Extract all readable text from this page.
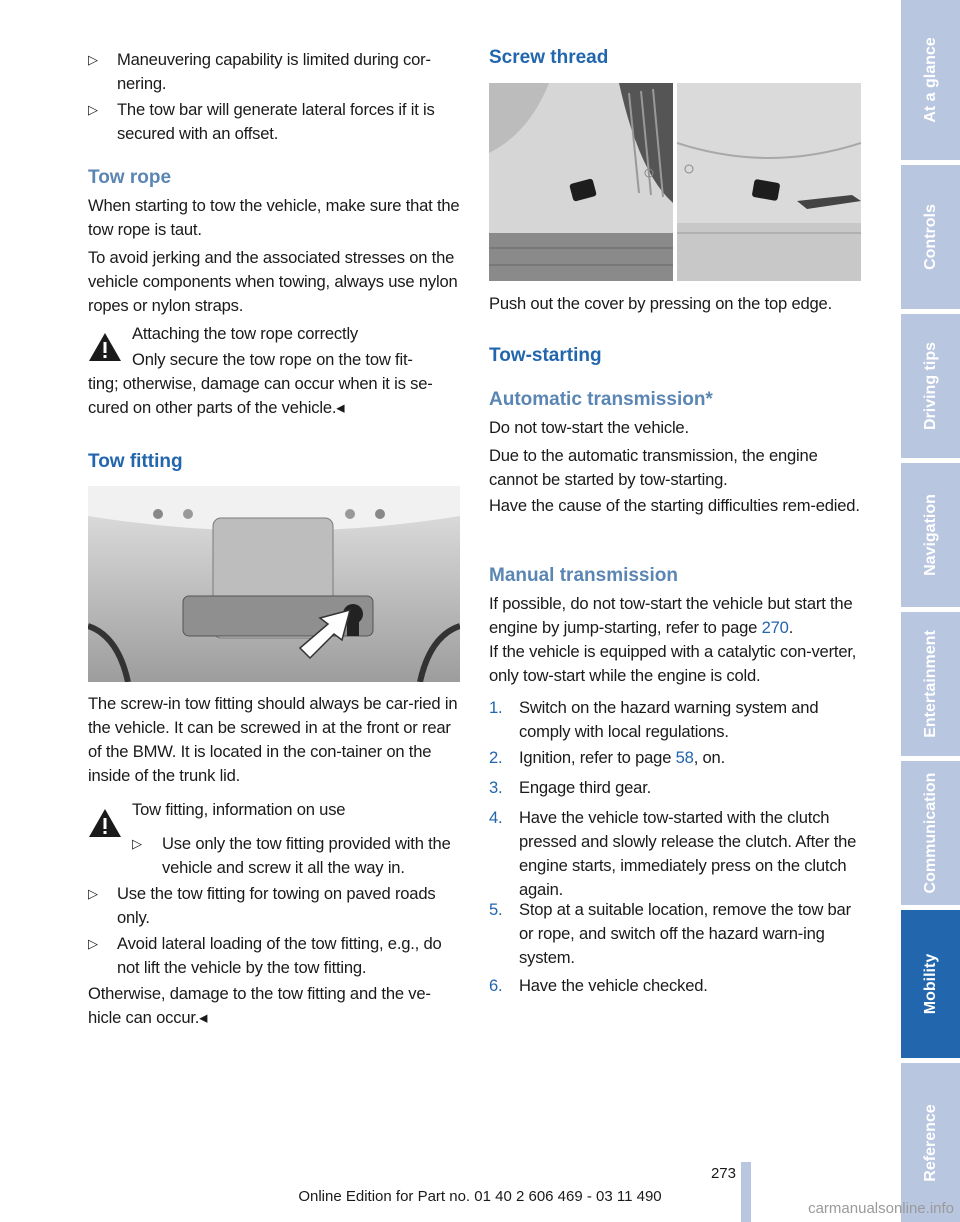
▷	Maneuvering capability is limited during cor-nering.
▷	The tow bar will generate lateral forces if it is secured with an offset.
Tow rope
When starting to tow the vehicle, make sure that the tow rope is taut.
To avoid jerking and the associated stresses on the vehicle components when towing, always use nylon ropes or nylon straps.
Attaching the tow rope correctly
Only secure the tow rope on the tow fit-
ting; otherwise, damage can occur when it is se-cured on other parts of the vehicle.◂
Tow fitting
The screw-in tow fitting should always be car-ried in the vehicle. It can be screwed in at the front or rear of the BMW. It is located in the con-tainer on the inside of the trunk lid.
Tow fitting, information on use
▷	Use only the tow fitting provided with the vehicle and screw it all the way in.
▷	Use the tow fitting for towing on paved roads only.
▷	Avoid lateral loading of the tow fitting, e.g., do not lift the vehicle by the tow fitting.
Otherwise, damage to the tow fitting and the ve-hicle can occur.◂
Screw thread
Push out the cover by pressing on the top edge.
Tow-starting
Automatic transmission*
Do not tow-start the vehicle.
Due to the automatic transmission, the engine cannot be started by tow-starting.
Have the cause of the starting difficulties rem-edied.
Manual transmission
If possible, do not tow-start the vehicle but start the engine by jump-starting, refer to page 270.
If the vehicle is equipped with a catalytic con-verter, only tow-start while the engine is cold.
1. Switch on the hazard warning system and comply with local regulations.
2. Ignition, refer to page 58, on.
3. Engage third gear.
4. Have the vehicle tow-started with the clutch pressed and slowly release the clutch. After the engine starts, immediately press on the clutch again.
5. Stop at a suitable location, remove the tow bar or rope, and switch off the hazard warn-ing system.
6. Have the vehicle checked.
At a glance
Controls
Driving tips
Navigation
Entertainment
Communication
Mobility
Reference
273
Online Edition for Part no. 01 40 2 606 469 - 03 11 490
carmanualsonline.info
